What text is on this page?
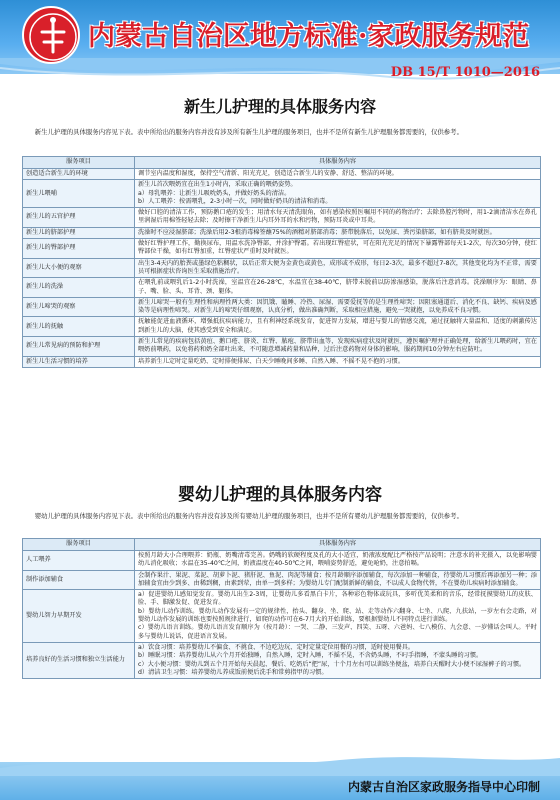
内蒙古自治区地方标准·家政服务规范
DB 15/T 1010—2016
新生儿护理的具体服务内容
新生儿护理的具体服务内容见下表。表中所给出的服务内容并没有涉及所有新生儿护理的服务项目，也并不是所有新生儿护理服务都需要的，仅供参考。
服务项目	具体服务内容
创造适合新生儿的环境	调节室内温度和湿度，保持空气清新、阳光充足，创造适合新生儿的安静、舒适、整洁的环境。
新生儿喂哺	新生儿首次喂奶宜在出生1小时内，采取正确的喂奶姿势。
a）母乳喂养：让新生儿吸吮奶头，并做好奶头的清洁。
b）人工喂养：按需喂乳，2-3小时一次，同时做好奶具的清洁和消毒。
新生儿的五官护理	做好口腔的清洁工作，预防鹅口疮的发生；用清水每天清洗眼角，如有感染按照医嘱用不同的药物治疗；去除鼻腔污物时，用1-2滴清洁水在鼻孔里润湿后用棉签轻轻去除；及时擦干净新生儿内耳外耳的水和污物，预防耳炎或中耳炎。
新生儿的脐部护理	洗澡时不应浸湿脐部；洗澡后用2-3根消毒棉签蘸75%的酒精对脐部消毒；脐带脱落后，以免尿、粪污染脐部，如有脐炎及时就医。
新生儿的臀部护理	做好红臀护理工作，勤换尿布，用温水洗净臀部，并涂护臀霜。若出现红臀症状，可在阳光充足的情况下暴露臀部每天1-2次，每次30分钟，使红臀部位干燥，如有红臀加重，红臀症状严重时及时就医。
新生儿大小便的观察	出生3-4天内的胎粪或墨绿色粘稠状，以后正常大便为金黄色或黄色，成形或不成形，每日2-3次，最多不超过7-8次，其他变化均为不正常，需要员可根据症状咨询医生采取措施治疗。
新生儿的洗澡	在喂乳前或喂乳后1-2小时洗澡，室温宜在26-28℃，水温宜在38-40℃，脐带未脱前以防渗湿感染，脱落后注意消毒。洗澡顺序为：眼睛、鼻子、嘴、脸、头、耳背、颈、躯体。
新生儿啼哭的观察	新生儿啼哭一般有生理性和病理性两大类：因饥饿、瞌睡、冷热、尿湿、需要爱抚等的是生理性啼哭；因阻塞通道后、消化不良、缺钙、疾病及感染等是病理性啼哭。对新生儿的啼哭仔细观察，认真分析，做出准确判断，采取相应措施，避免一哭就抱，以免养成不良习惯。
新生儿的抚触	抚触能促进血液循环，增强抵抗疾病能力，且有利神经系统发育，促进智力发展，增进与婴儿的情感交流，通过抚触将大量温和、适度的刺激传达到新生儿的大脑，使其感受到安全和满足。
新生儿常见病的预防和护理	新生儿常见的疾病包括黄疸、鹅口疮、脐炎、红臀、脓疱、脐带出血等，发现疾病症状及时就医，遵医嘱护理并正确处理，给新生儿喂药时，宜在喂奶前喂药，以免将药和奶全部吐出来，不可随意增减药量和品种，过后注意药物对身体的影响，服药期间10分钟左右应防吐。
新生儿生活习惯的培养	培养新生儿定时定量吃奶、定时排便排尿、白天少睡晚间多睡、自然入睡、不摇不晃不抱的习惯。
婴幼儿护理的具体服务内容
婴幼儿护理的具体服务内容见下表。表中所给出的服务内容并没有涉及所有婴幼儿护理的服务项目，也并不是所有婴幼儿护理服务都需要的，仅供参考。
服务项目	具体服务内容
人工喂养	按照月龄大小合理喂养：奶瓶、奶嘴清毒完善。奶嘴的软硬程度及孔的大小适宜，奶液浓度配比严格按产品说明；注意水的补充摄入，以免影响婴幼儿消化吸收；水温在35-40℃之间，奶液温度在40-50℃之间，喂哺姿势舒适，避免呛奶，注意拍嗝。
制作添加辅食	会制作果汁、果泥、菜泥、胡萝卜泥、猪肝泥、鱼泥、肉泥等辅食；按月龄顺序添加辅食，每次添加一种辅食，待婴幼儿习惯后再添加另一种；添加辅食宜由少到多、由稀到稠，由素到荤，由单一到多样；为婴幼儿专门配制新鲜的辅食，不以成人食物代替，不在婴幼儿疾病时添加辅食。
婴幼儿智力早期开发	a）促进婴幼儿感知觉发育。婴幼儿出生2-3周，让婴幼儿多看黑白卡片，各种彩色物体或玩具，多听优美柔和的音乐，经常抚摸婴幼儿的皮肤、脸、手、脚激发促、促进发育。
b）婴幼儿动作训练。婴幼儿动作发展有一定的规律性，抬头、翻身、坐、爬、站、走等动作六翻身、七坐、八爬、九扶站，一岁左右会走路，对婴幼儿动作发展的训练也要按照规律进行，如爬的动作可在6-7月大的开始训练，要根据婴幼儿不同特点进行训练。
c）婴幼儿语言训练。婴幼儿语言发育顺序为（按月龄）：一哭、二静、三发声、四笑、五呀、六爸妈、七八模仿、九会意、一岁懂话会叫人。平时多与婴幼儿说话，促进语言发展。
培养良好的生活习惯和独立生活能力	a）饮食习惯：培养婴幼儿不偏食、不挑食、不边吃边玩、定时定量定位用餐的习惯，适时使用餐具。
b）睡眠习惯：培养婴幼儿从六个月开始独睡，自然入睡，定时入睡，不摇不晃，不含奶头睡，不叼手指睡，不蒙头睡的习惯。
c）大小便习惯：婴幼儿到五个月开始每天晨起、餐后、吃奶后“把”尿，十个月左右可以训练坐便盆，培养白天醒时大小便不尿湿裤子的习惯。
d）清洁卫生习惯：培养婴幼儿养成饭前便后洗手和常剪指甲的习惯。
内蒙古自治区家政服务指导中心印制
